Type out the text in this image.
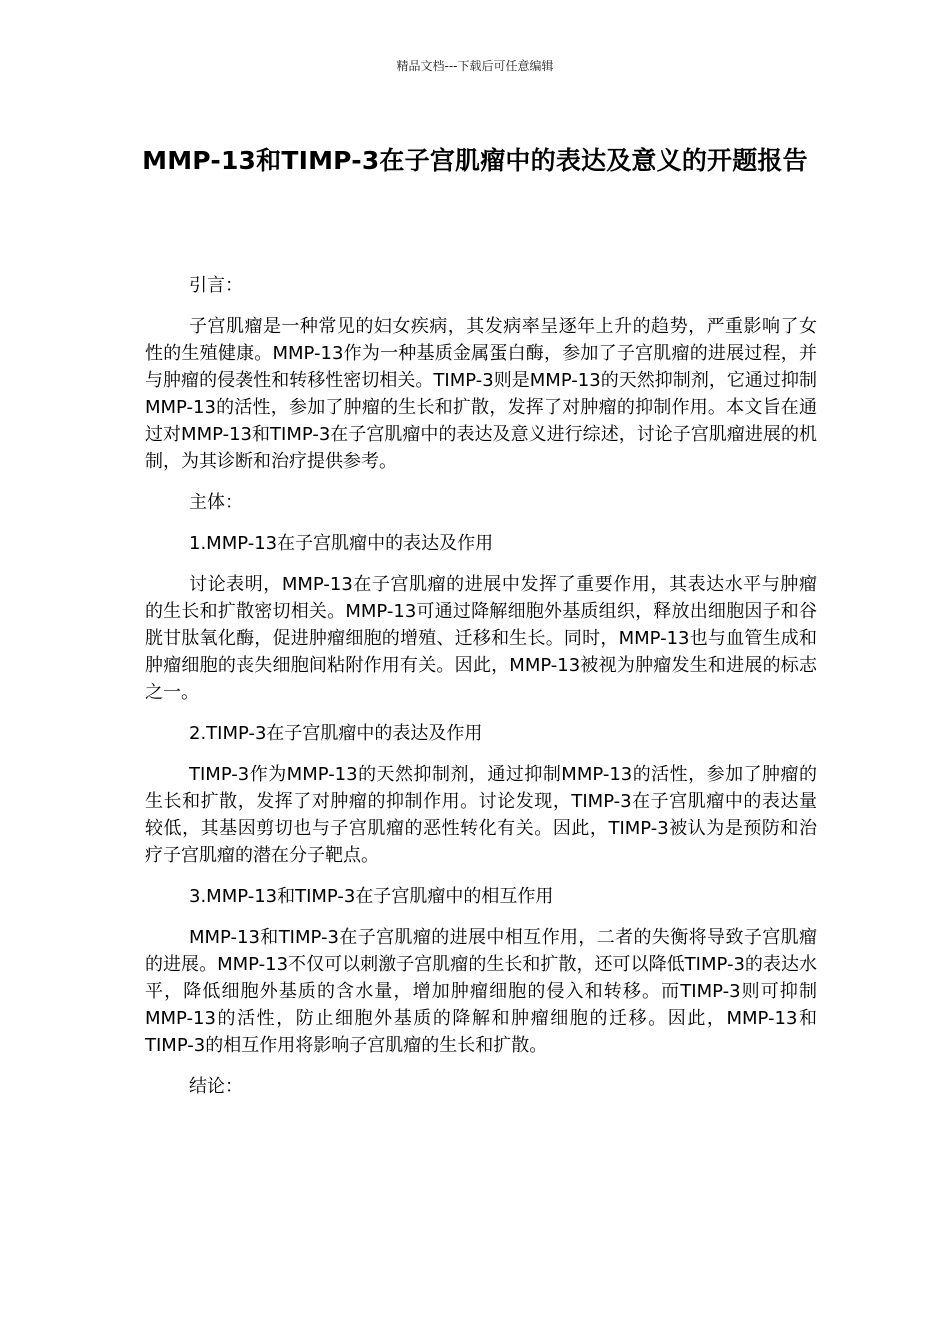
精品文档---下载后可任意编辑
MMP-13和TIMP-3在子宫肌瘤中的表达及意义的开题报告

引言：

子宫肌瘤是一种常见的妇女疾病，其发病率呈逐年上升的趋势，严重影响了女性的生殖健康。MMP-13作为一种基质金属蛋白酶，参加了子宫肌瘤的进展过程，并与肿瘤的侵袭性和转移性密切相关。TIMP-3则是MMP-13的天然抑制剂，它通过抑制MMP-13的活性，参加了肿瘤的生长和扩散，发挥了对肿瘤的抑制作用。本文旨在通过对MMP-13和TIMP-3在子宫肌瘤中的表达及意义进行综述，讨论子宫肌瘤进展的机制，为其诊断和治疗提供参考。

主体：

1.MMP-13在子宫肌瘤中的表达及作用

讨论表明，MMP-13在子宫肌瘤的进展中发挥了重要作用，其表达水平与肿瘤的生长和扩散密切相关。MMP-13可通过降解细胞外基质组织，释放出细胞因子和谷胱甘肽氧化酶，促进肿瘤细胞的增殖、迁移和生长。同时，MMP-13也与血管生成和肿瘤细胞的丧失细胞间粘附作用有关。因此，MMP-13被视为肿瘤发生和进展的标志之一。

2.TIMP-3在子宫肌瘤中的表达及作用

TIMP-3作为MMP-13的天然抑制剂，通过抑制MMP-13的活性，参加了肿瘤的生长和扩散，发挥了对肿瘤的抑制作用。讨论发现，TIMP-3在子宫肌瘤中的表达量较低，其基因剪切也与子宫肌瘤的恶性转化有关。因此，TIMP-3被认为是预防和治疗子宫肌瘤的潜在分子靶点。

3.MMP-13和TIMP-3在子宫肌瘤中的相互作用

MMP-13和TIMP-3在子宫肌瘤的进展中相互作用，二者的失衡将导致子宫肌瘤的进展。MMP-13不仅可以刺激子宫肌瘤的生长和扩散，还可以降低TIMP-3的表达水平，降低细胞外基质的含水量，增加肿瘤细胞的侵入和转移。而TIMP-3则可抑制MMP-13的活性，防止细胞外基质的降解和肿瘤细胞的迁移。因此，MMP-13和TIMP-3的相互作用将影响子宫肌瘤的生长和扩散。

结论：
